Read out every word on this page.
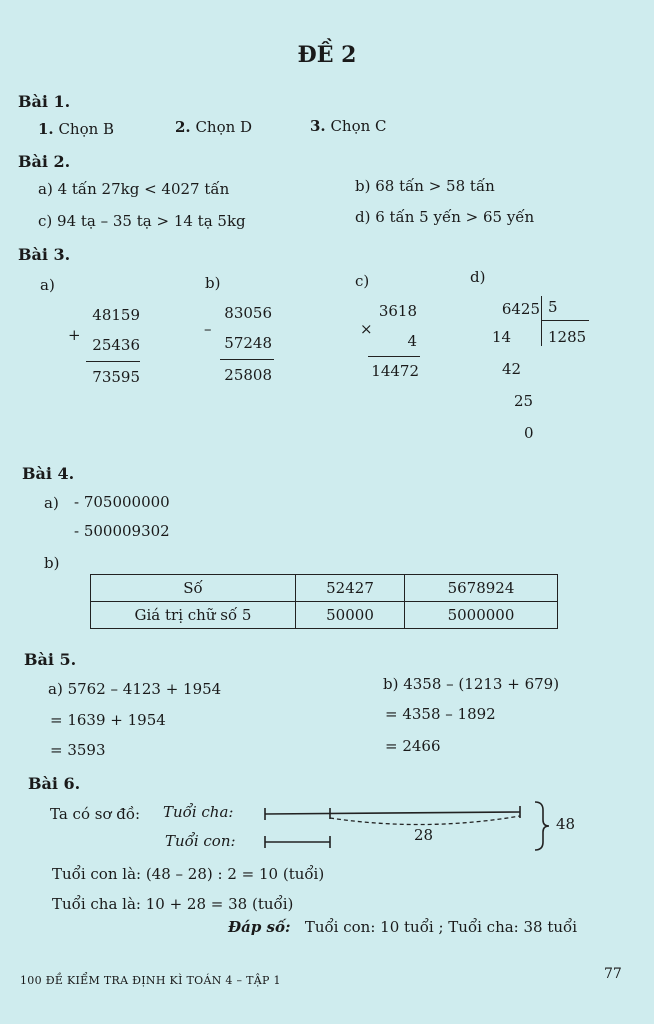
ĐỀ 2
Bài 1.
1. Chọn B	2. Chọn D	3. Chọn C
Bài 2.
a) 4 tấn 27kg < 4027 tấn	b) 68 tấn > 58 tấn
c) 94 tạ – 35 tạ > 14 tạ 5kg	d) 6 tấn 5 yến > 65 yến
Bài 3.
a)
48159
+
25436
73595
b)
83056
–
57248
25808
c)
3618
×
4
14472
d)
6425 5
1285
14
42
25
0
Bài 4.
a) - 705000000
- 500009302
b)
Số	52427	5678924
Giá trị chữ số 5	50000	5000000
Bài 5.
a) 5762 – 4123 + 1954
= 1639 + 1954
= 3593
b) 4358 – (1213 + 679)
= 4358 – 1892
= 2466
Bài 6.
Ta có sơ đồ: Tuổi cha:
Tuổi con:	28
48
Tuổi con là: (48 – 28) : 2 = 10 (tuổi)
Tuổi cha là: 10 + 28 = 38 (tuổi)
Đáp số: Tuổi con: 10 tuổi ; Tuổi cha: 38 tuổi
100 ĐỀ KIỂM TRA ĐỊNH KÌ TOÁN 4 – TẬP 1	77
